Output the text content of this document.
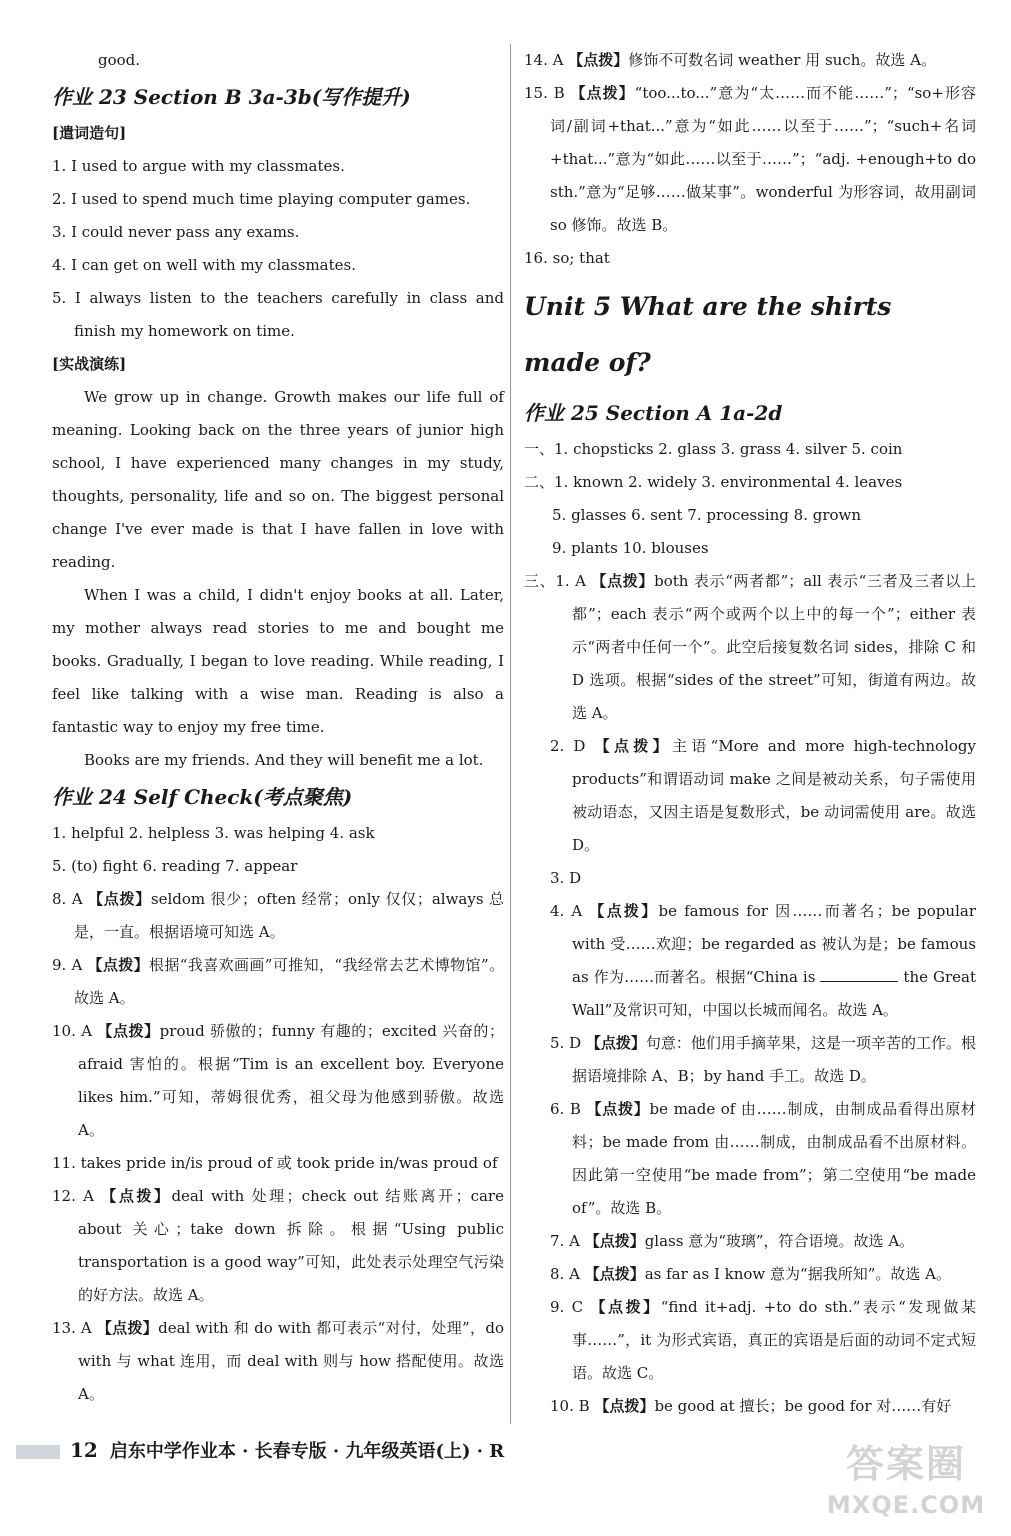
good.

作业 23 Section B 3a-3b(写作提升)

[遣词造句]

1. I used to argue with my classmates.

2. I used to spend much time playing computer games.

3. I could never pass any exams.

4. I can get on well with my classmates.

5. I always listen to the teachers carefully in class and finish my homework on time.

[实战演练]

We grow up in change. Growth makes our life full of meaning. Looking back on the three years of junior high school, I have experienced many changes in my study, thoughts, personality, life and so on. The biggest personal change I've ever made is that I have fallen in love with reading.

When I was a child, I didn't enjoy books at all. Later, my mother always read stories to me and bought me books. Gradually, I began to love reading. While reading, I feel like talking with a wise man. Reading is also a fantastic way to enjoy my free time.

Books are my friends. And they will benefit me a lot.

作业 24 Self Check(考点聚焦)

1. helpful 2. helpless 3. was helping 4. ask

5. (to) fight 6. reading 7. appear

8. A 【点拨】seldom 很少；often 经常；only 仅仅；always 总是，一直。根据语境可知选 A。

9. A 【点拨】根据“我喜欢画画”可推知，“我经常去艺术博物馆”。故选 A。

10. A 【点拨】proud 骄傲的；funny 有趣的；excited 兴奋的；afraid 害怕的。根据“Tim is an excellent boy. Everyone likes him.”可知，蒂姆很优秀，祖父母为他感到骄傲。故选 A。

11. takes pride in/is proud of 或 took pride in/was proud of

12. A 【点拨】deal with 处理；check out 结账离开；care about 关心；take down 拆除。根据“Using public transportation is a good way”可知，此处表示处理空气污染的好方法。故选 A。

13. A 【点拨】deal with 和 do with 都可表示“对付，处理”，do with 与 what 连用，而 deal with 则与 how 搭配使用。故选 A。

14. A 【点拨】修饰不可数名词 weather 用 such。故选 A。

15. B 【点拨】“too...to...”意为“太……而不能……”；“so+形容词/副词+that...”意为“如此……以至于……”；“such+名词+that...”意为“如此……以至于……”；“adj. +enough+to do sth.”意为“足够……做某事”。wonderful 为形容词，故用副词 so 修饰。故选 B。

16. so; that

Unit 5 What are the shirts made of?

作业 25 Section A 1a-2d

一、1. chopsticks 2. glass 3. grass 4. silver 5. coin

二、1. known 2. widely 3. environmental 4. leaves

5. glasses 6. sent 7. processing 8. grown

9. plants 10. blouses

三、1. A 【点拨】both 表示“两者都”；all 表示“三者及三者以上都”；each 表示“两个或两个以上中的每一个”；either 表示“两者中任何一个”。此空后接复数名词 sides，排除 C 和 D 选项。根据“sides of the street”可知，街道有两边。故选 A。

2. D 【点拨】主语“More and more high-technology products”和谓语动词 make 之间是被动关系，句子需使用被动语态，又因主语是复数形式，be 动词需使用 are。故选 D。

3. D

4. A 【点拨】be famous for 因……而著名；be popular with 受……欢迎；be regarded as 被认为是；be famous as 作为……而著名。根据“China is	the Great Wall”及常识可知，中国以长城而闻名。故选 A。

5. D 【点拨】句意：他们用手摘苹果，这是一项辛苦的工作。根据语境排除 A、B；by hand 手工。故选 D。

6. B 【点拨】be made of 由……制成，由制成品看得出原材料；be made from 由……制成，由制成品看不出原材料。因此第一空使用“be made from”；第二空使用“be made of”。故选 B。

7. A 【点拨】glass 意为“玻璃”，符合语境。故选 A。

8. A 【点拨】as far as I know 意为“据我所知”。故选 A。

9. C 【点拨】“find it+adj. +to do sth.”表示“发现做某事……”，it 为形式宾语，真正的宾语是后面的动词不定式短语。故选 C。

10. B 【点拨】be good at 擅长；be good for 对……有好

12 启东中学作业本 · 长春专版 · 九年级英语(上) · R	答案圈
MXQE.COM
